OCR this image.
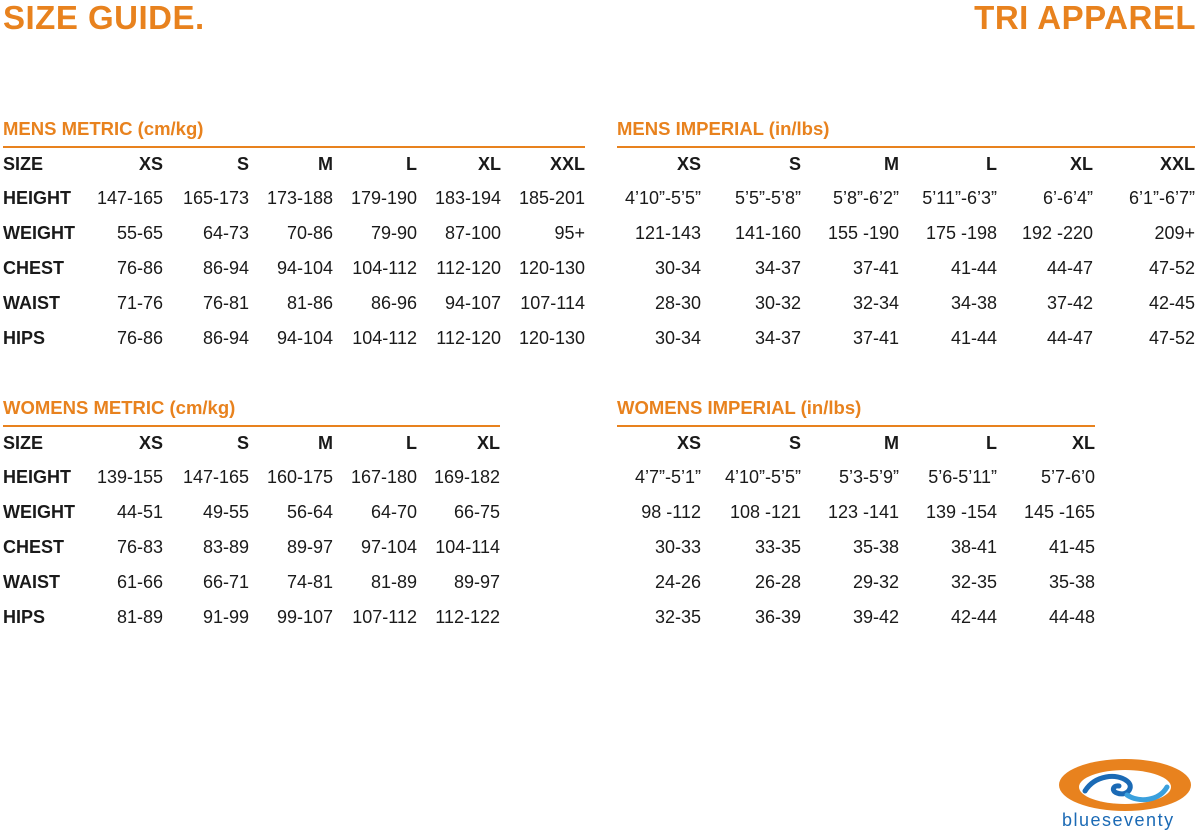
SIZE GUIDE.	TRI APPAREL
MENS METRIC (cm/kg)
SIZE	XS	S	M	L	XL	XXL
HEIGHT	147-165	165-173	173-188	179-190	183-194	185-201
WEIGHT	55-65	64-73	70-86	79-90	87-100	95+
CHEST	76-86	86-94	94-104	104-112	112-120	120-130
WAIST	71-76	76-81	81-86	86-96	94-107	107-114
HIPS	76-86	86-94	94-104	104-112	112-120	120-130
MENS IMPERIAL (in/lbs)
XS	S	M	L	XL	XXL
4’10”-5’5”	5’5”-5’8”	5’8”-6’2”	5’11”-6’3”	6’-6’4”	6’1”-6’7”
121-143	141-160	155 -190	175 -198	192 -220	209+
30-34	34-37	37-41	41-44	44-47	47-52
28-30	30-32	32-34	34-38	37-42	42-45
30-34	34-37	37-41	41-44	44-47	47-52
WOMENS METRIC (cm/kg)
SIZE	XS	S	M	L	XL
HEIGHT	139-155	147-165	160-175	167-180	169-182
WEIGHT	44-51	49-55	56-64	64-70	66-75
CHEST	76-83	83-89	89-97	97-104	104-114
WAIST	61-66	66-71	74-81	81-89	89-97
HIPS	81-89	91-99	99-107	107-112	112-122
WOMENS IMPERIAL (in/lbs)
XS	S	M	L	XL
4’7”-5’1”	4’10”-5’5”	5’3-5’9”	5’6-5’11”	5’7-6’0
98 -112	108 -121	123 -141	139 -154	145 -165
30-33	33-35	35-38	38-41	41-45
24-26	26-28	29-32	32-35	35-38
32-35	36-39	39-42	42-44	44-48
blueseventy
